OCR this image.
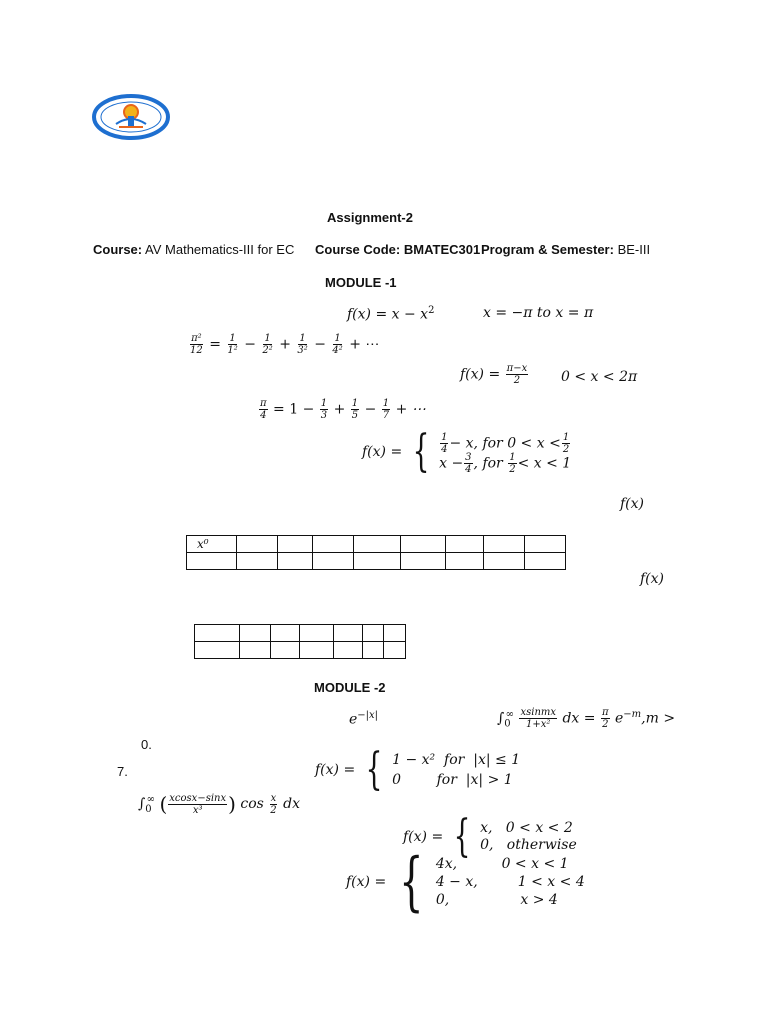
Assignment-2
Course: AV Mathematics-III for EC Course Code: BMATEC301 Program & Semester: BE-III
MODULE -1
$f(x) = x - x^2$	x = −π to x = π
$\frac{\text{π²}}{12} = \frac{1}{\text{1²}} - \frac{1}{\text{2²}} + \frac{1}{\text{3²}} - \frac{1}{\text{4²}}$ + ⋯
$f(x) = \frac{\pi-x}{2} 0 < x < 2\pi$
$\frac{\pi}{4} = 1 - \frac{1}{3} + \frac{1}{5} - \frac{1}{7}$ + ⋯
f(x) = { $\frac{1}{4} - x$, for $0 < x < \frac{1}{2}$
$x - \frac{3}{4}$ , for $\frac{1}{2} < x < 1$
f(x)
x⁰								

f(x)

MODULE -2
$e^{-|x|}$	$\int_0^\infty \frac{\text{xsinmx}}{\text{1+x²}}$ dx = $\frac{\pi}{2} e^{-m},m$ >
0.
7.	f(x) = { 1 − x²  for  |x| ≤ 1
0        for  |x| > 1
$\int_0^\infty$ ( $\frac{xcosx-\sin x}{\text{x³}}$ ) $\cos \frac{x}{2}$ dx
f(x) = { x,   0 < x < 2
0,   otherwise
f(x) = { 4x,          0 < x < 1
4 − x,         1 < x < 4
0,                x > 4
